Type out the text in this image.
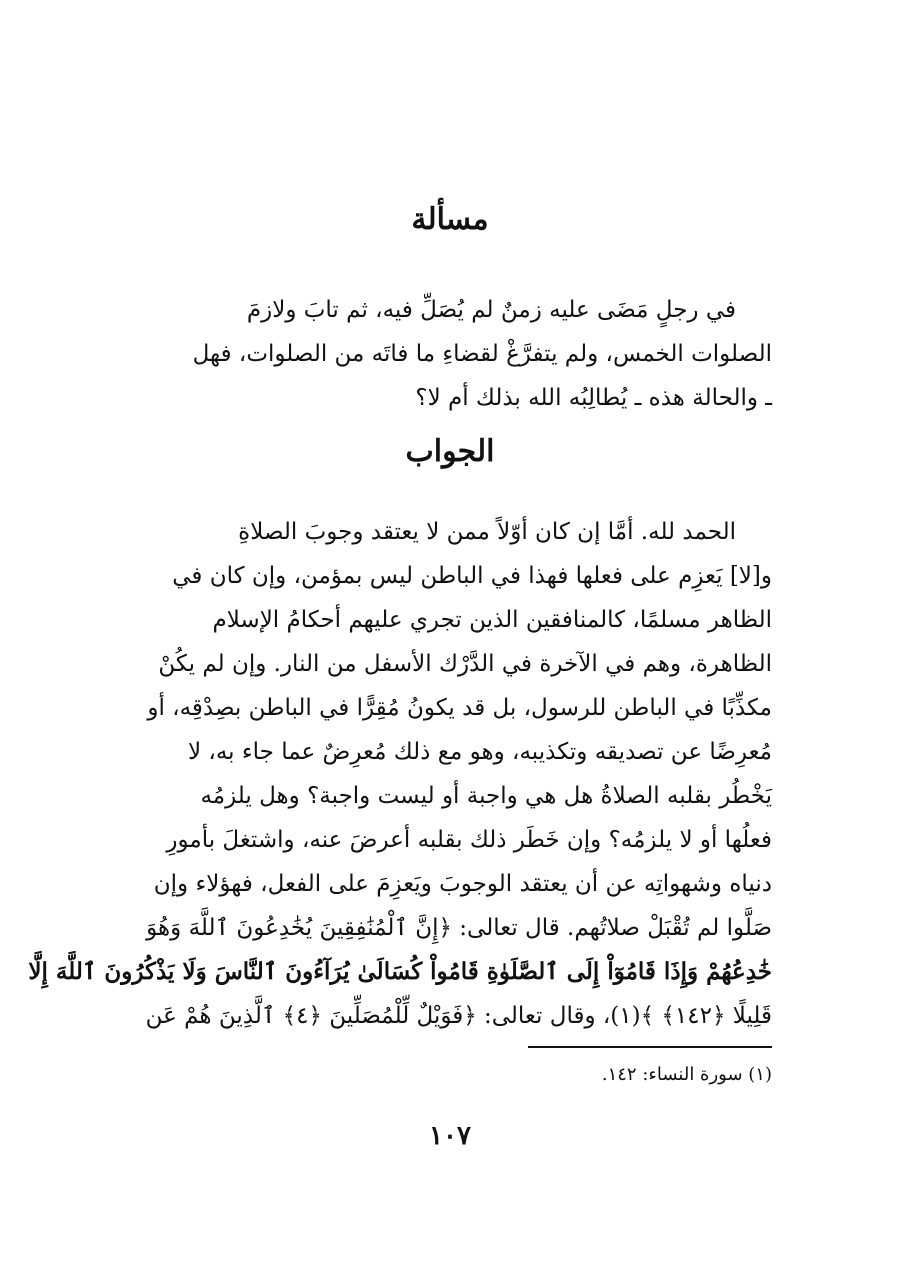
مسألة
في رجلٍ مَضَى عليه زمنٌ لم يُصَلِّ فيه، ثم تابَ ولازمَ
الصلوات الخمس، ولم يتفرَّغْ لقضاءِ ما فاتَه من الصلوات، فهل
ـ والحالة هذه ـ يُطالِبُه الله بذلك أم لا؟
الجواب
الحمد لله. أمَّا إن كان أوّلاً ممن لا يعتقد وجوبَ الصلاةِ
و[لا] يَعزِم على فعلها فهذا في الباطن ليس بمؤمن، وإن كان في
الظاهر مسلمًا، كالمنافقين الذين تجري عليهم أحكامُ الإسلام
الظاهرة، وهم في الآخرة في الدَّرْك الأسفل من النار. وإن لم يكُنْ
مكذِّبًا في الباطن للرسول، بل قد يكونُ مُقِرًّا في الباطن بصِدْقِه، أو
مُعرِضًا عن تصديقه وتكذيبه، وهو مع ذلك مُعرِضٌ عما جاء به، لا
يَخْطُر بقلبه الصلاةُ هل هي واجبة أو ليست واجبة؟ وهل يلزمُه
فعلُها أو لا يلزمُه؟ وإن خَطَر ذلك بقلبه أعرضَ عنه، واشتغلَ بأمورِ
دنياه وشهواتِه عن أن يعتقد الوجوبَ ويَعزِمَ على الفعل، فهؤلاء وإن
صَلَّوا لم تُقْبَلْ صلاتُهم. قال تعالى: ﴿إِنَّ ٱلْمُنَٰفِقِينَ يُخَٰدِعُونَ ٱللَّهَ وَهُوَ
خَٰدِعُهُمْ وَإِذَا قَامُوٓاْ إِلَى ٱلصَّلَوٰةِ قَامُواْ كُسَالَىٰ يُرَآءُونَ ٱلنَّاسَ وَلَا يَذْكُرُونَ ٱللَّهَ إِلَّا
قَلِيلًا ﴿١٤٢﴾ ﴾(١)، وقال تعالى: ﴿فَوَيْلٌ لِّلْمُصَلِّينَ ﴿٤﴾ ٱلَّذِينَ هُمْ عَن
(١) سورة النساء: ١٤٢.
١٠٧
